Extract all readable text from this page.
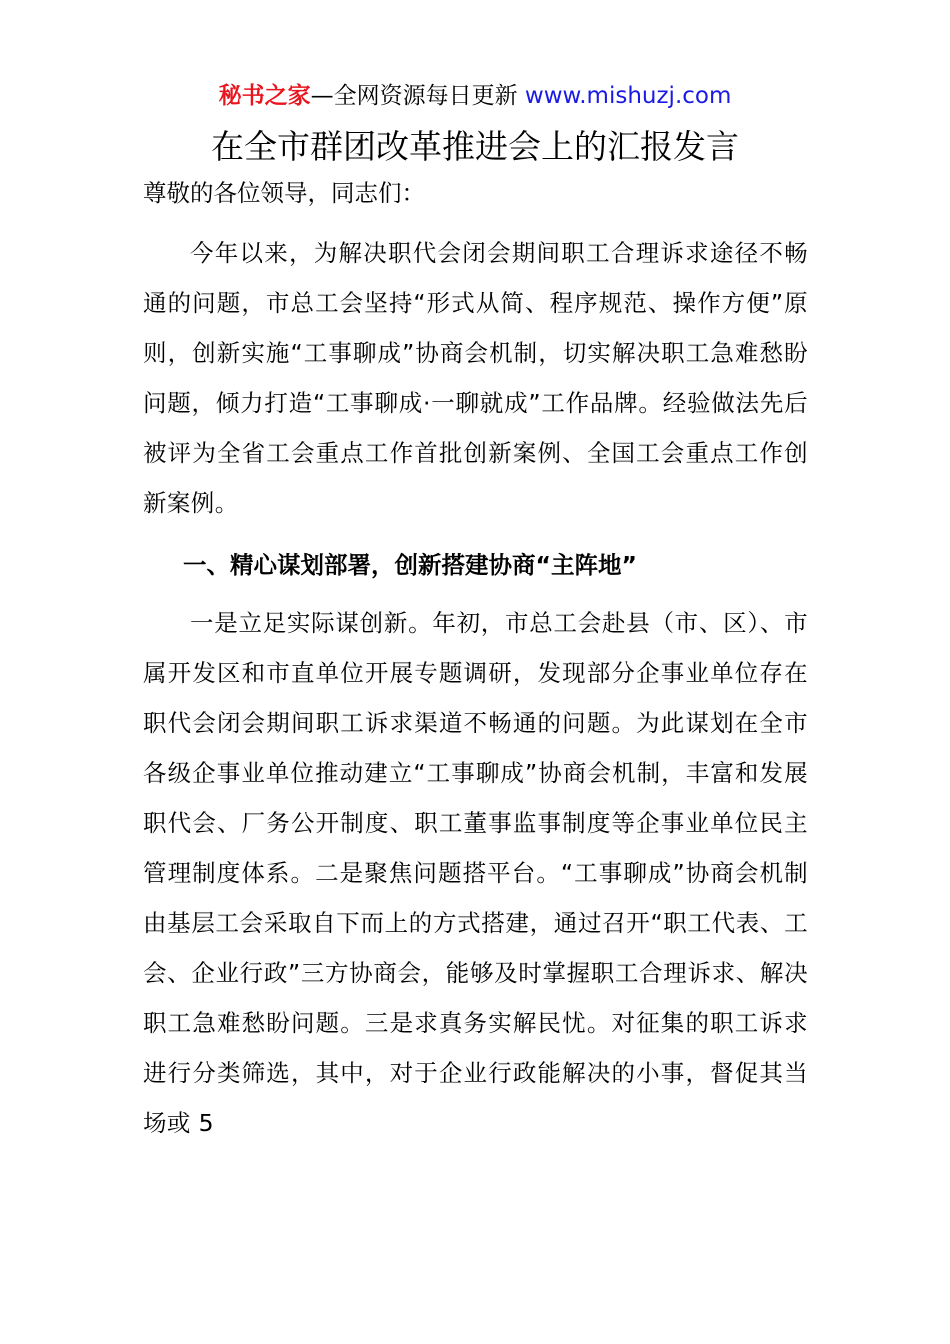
秘书之家—全网资源每日更新 www.mishuzj.com
在全市群团改革推进会上的汇报发言
尊敬的各位领导，同志们：

今年以来，为解决职代会闭会期间职工合理诉求途径不畅通的问题，市总工会坚持“形式从简、程序规范、操作方便”原则，创新实施“工事聊成”协商会机制，切实解决职工急难愁盼问题，倾力打造“工事聊成·一聊就成”工作品牌。经验做法先后被评为全省工会重点工作首批创新案例、全国工会重点工作创新案例。

一、精心谋划部署，创新搭建协商“主阵地”

一是立足实际谋创新。年初，市总工会赴县（市、区）、市属开发区和市直单位开展专题调研，发现部分企事业单位存在职代会闭会期间职工诉求渠道不畅通的问题。为此谋划在全市各级企事业单位推动建立“工事聊成”协商会机制，丰富和发展职代会、厂务公开制度、职工董事监事制度等企事业单位民主管理制度体系。二是聚焦问题搭平台。“工事聊成”协商会机制由基层工会采取自下而上的方式搭建，通过召开“职工代表、工会、企业行政”三方协商会，能够及时掌握职工合理诉求、解决职工急难愁盼问题。三是求真务实解民忧。对征集的职工诉求进行分类筛选，其中，对于企业行政能解决的小事，督促其当场或 5
